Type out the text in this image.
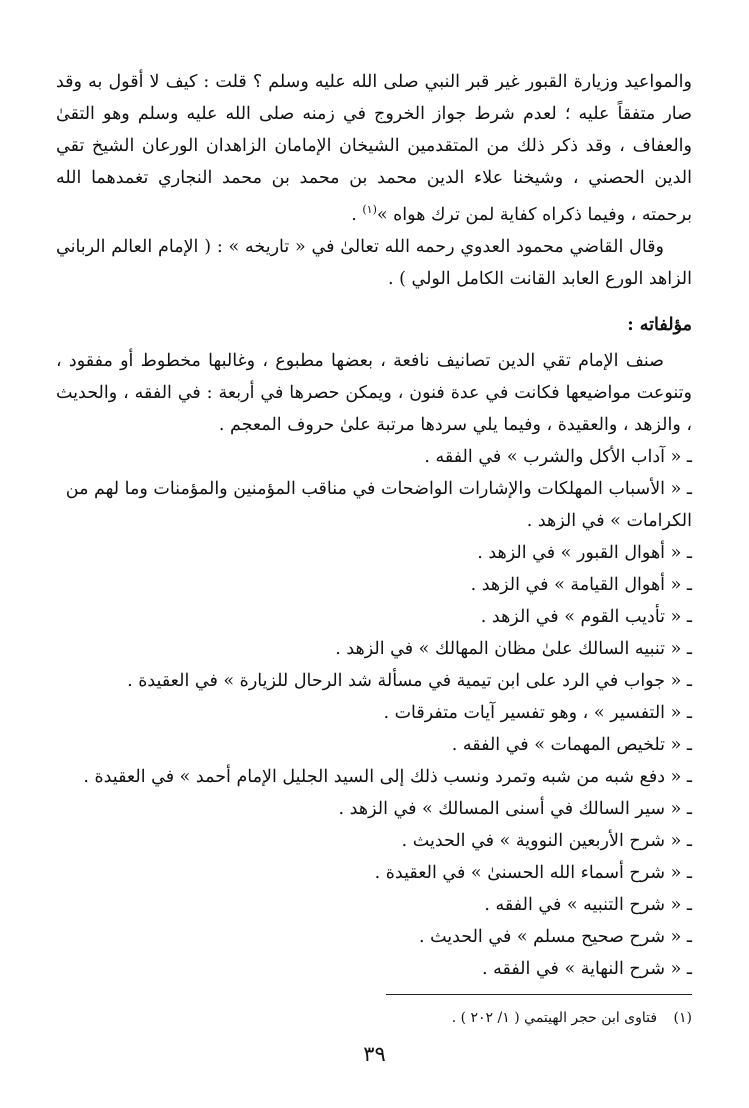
والمواعيد وزيارة القبور غير قبر النبي صلى الله عليه وسلم ؟ قلت : كيف لا أقول به وقد صار متفقاً عليه ؛ لعدم شرط جواز الخروج في زمنه صلى الله عليه وسلم وهو التقىٰ والعفاف ، وقد ذكر ذلك من المتقدمين الشيخان الإمامان الزاهدان الورعان الشيخ تقي الدين الحصني ، وشيخنا علاء الدين محمد بن محمد بن محمد النجاري تغمدهما الله برحمته ، وفيما ذكراه كفاية لمن ترك هواه »$^{(١)}$ .

وقال القاضي محمود العدوي رحمه الله تعالىٰ في « تاريخه » : ( الإمام العالم الرباني الزاهد الورع العابد القانت الكامل الولي ) .

مؤلفاته :

صنف الإمام تقي الدين تصانيف نافعة ، بعضها مطبوع ، وغالبها مخطوط أو مفقود ، وتنوعت مواضيعها فكانت في عدة فنون ، ويمكن حصرها في أربعة : في الفقه ، والحديث ، والزهد ، والعقيدة ، وفيما يلي سردها مرتبة علىٰ حروف المعجم .

ـ « آداب الأكل والشرب » في الفقه .
ـ « الأسباب المهلكات والإشارات الواضحات في مناقب المؤمنين والمؤمنات وما لهم من الكرامات » في الزهد .
ـ « أهوال القبور » في الزهد .
ـ « أهوال القيامة » في الزهد .
ـ « تأديب القوم » في الزهد .
ـ « تنبيه السالك علىٰ مظان المهالك » في الزهد .
ـ « جواب في الرد على ابن تيمية في مسألة شد الرحال للزيارة » في العقيدة .
ـ « التفسير » ، وهو تفسير آيات متفرقات .
ـ « تلخيص المهمات » في الفقه .
ـ « دفع شبه من شبه وتمرد ونسب ذلك إلى السيد الجليل الإمام أحمد » في العقيدة .
ـ « سير السالك في أسنى المسالك » في الزهد .
ـ « شرح الأربعين النووية » في الحديث .
ـ « شرح أسماء الله الحسنىٰ » في العقيدة .
ـ « شرح التنبيه » في الفقه .
ـ « شرح صحيح مسلم » في الحديث .
ـ « شرح النهاية » في الفقه .
(١) فتاوى ابن حجر الهيتمي ( ١/ ٢٠٢ ) .
٣٩
